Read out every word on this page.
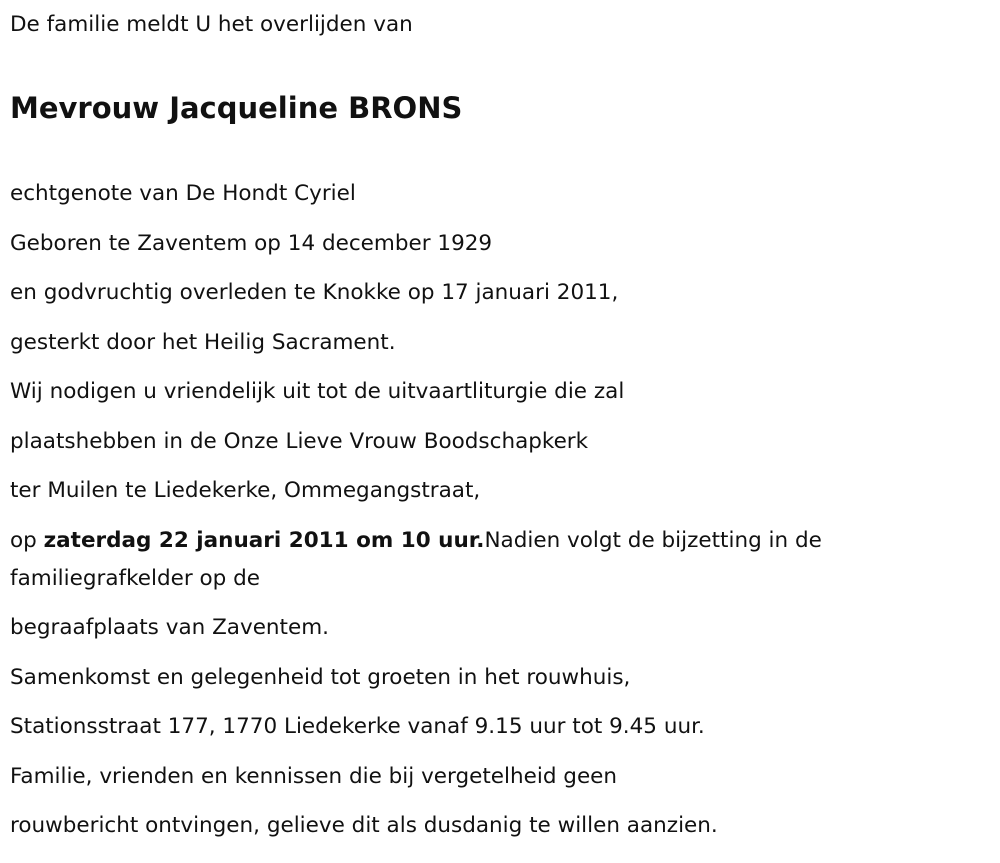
De familie meldt U het overlijden van
Mevrouw Jacqueline BRONS

echtgenote van De Hondt Cyriel

Geboren te Zaventem op 14 december 1929

en godvruchtig overleden te Knokke op 17 januari 2011,

gesterkt door het Heilig Sacrament.

Wij nodigen u vriendelijk uit tot de uitvaartliturgie die zal

plaatshebben in de Onze Lieve Vrouw Boodschapkerk

ter Muilen te Liedekerke, Ommegangstraat,

op zaterdag 22 januari 2011 om 10 uur.Nadien volgt de bijzetting in de
familiegrafkelder op de

begraafplaats van Zaventem.

Samenkomst en gelegenheid tot groeten in het rouwhuis,

Stationsstraat 177, 1770 Liedekerke vanaf 9.15 uur tot 9.45 uur.

Familie, vrienden en kennissen die bij vergetelheid geen

rouwbericht ontvingen, gelieve dit als dusdanig te willen aanzien.
